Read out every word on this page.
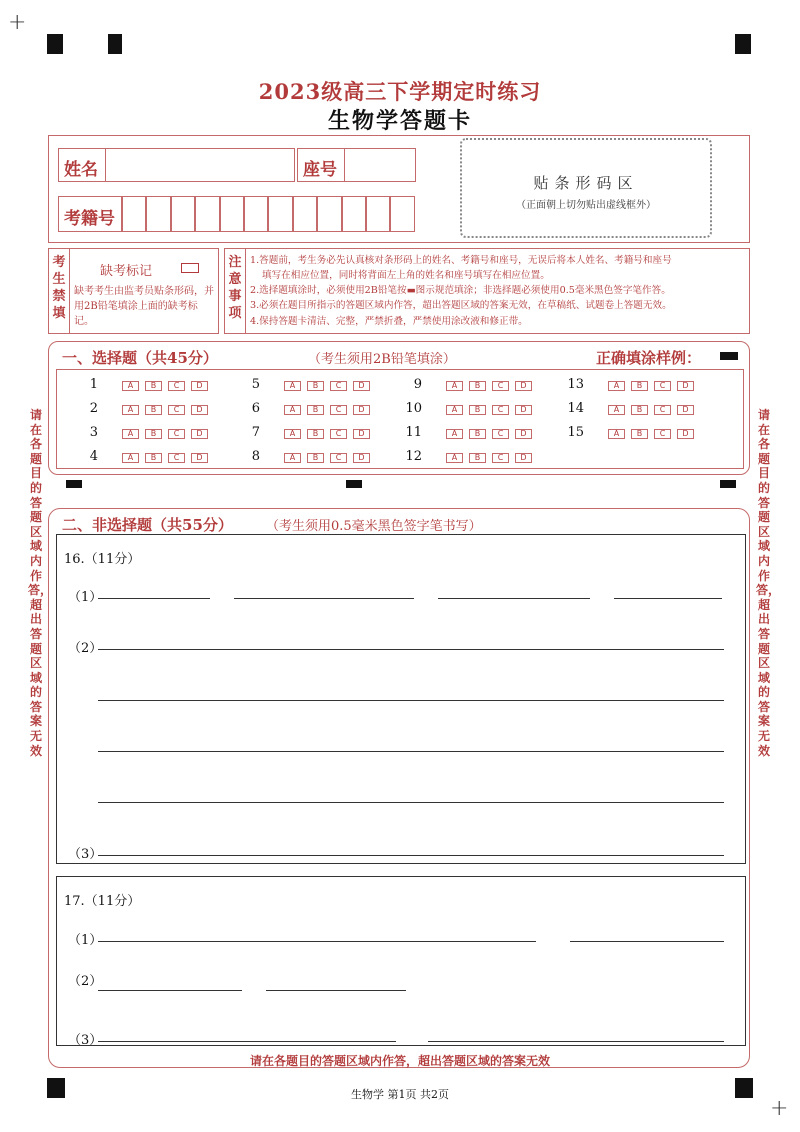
+
+
2023级高三下学期定时练习
生物学答题卡
姓名	座号
考籍号
贴条形码区
（正面朝上切勿贴出虚线框外）
考生禁填
缺考标记
缺考考生由监考员贴条形码，并用2B铅笔填涂上面的缺考标记。
注意事项
1.答题前，考生务必先认真核对条形码上的姓名、考籍号和座号，无误后将本人姓名、考籍号和座号
填写在相应位置，同时将背面左上角的姓名和座号填写在相应位置。
2.选择题填涂时，必须使用2B铅笔按▬图示规范填涂；非选择题必须使用0.5毫米黑色签字笔作答。
3.必须在题目所指示的答题区域内作答，超出答题区域的答案无效，在草稿纸、试题卷上答题无效。
4.保持答题卡清洁、完整，严禁折叠，严禁使用涂改液和修正带。
请在各题目的答题区域内作答，超出答题区域的答案无效
请在各题目的答题区域内作答，超出答题区域的答案无效
一、选择题（共45分）	（考生须用2B铅笔填涂）	正确填涂样例：
1	A	B	C	D
2	A	B	C	D
3	A	B	C	D
4	A	B	C	D
5	A	B	C	D
6	A	B	C	D
7	A	B	C	D
8	A	B	C	D
9	A	B	C	D
10	A	B	C	D
11	A	B	C	D
12	A	B	C	D
13	A	B	C	D
14	A	B	C	D
15	A	B	C	D
二、非选择题（共55分）	（考生须用0.5毫米黑色签字笔书写）
16.（11分）
（1）
（2）
（3）
17.（11分）
（1）
（2）
（3）
请在各题目的答题区域内作答，超出答题区域的答案无效
生物学 第1页 共2页
